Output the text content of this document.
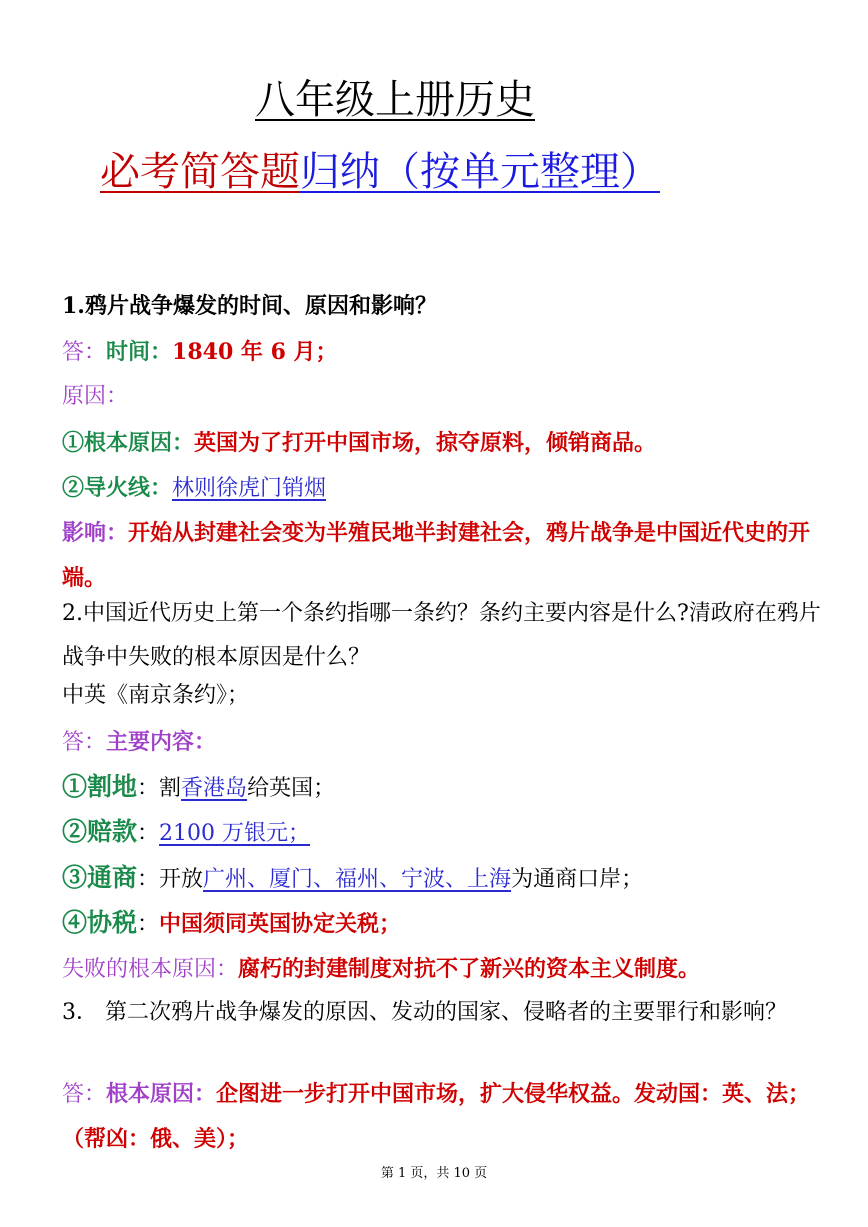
八年级上册历史
必考简答题归纳（按单元整理）
1.鸦片战争爆发的时间、原因和影响？
答：时间：1840 年 6 月；
原因：
①根本原因：英国为了打开中国市场，掠夺原料，倾销商品。
②导火线：林则徐虎门销烟
影响：开始从封建社会变为半殖民地半封建社会，鸦片战争是中国近代史的开端。
2.中国近代历史上第一个条约指哪一条约？条约主要内容是什么?清政府在鸦片战争中失败的根本原因是什么？
中英《南京条约》；
答：主要内容：
①割地：割香港岛给英国；
②赔款：2100 万银元；
③通商：开放广州、厦门、福州、宁波、上海为通商口岸；
④协税：中国须同英国协定关税；
失败的根本原因：腐朽的封建制度对抗不了新兴的资本主义制度。
3． 第二次鸦片战争爆发的原因、发动的国家、侵略者的主要罪行和影响？
答：根本原因：企图进一步打开中国市场，扩大侵华权益。发动国：英、法；（帮凶：俄、美）；
第 1 页，共 10 页
